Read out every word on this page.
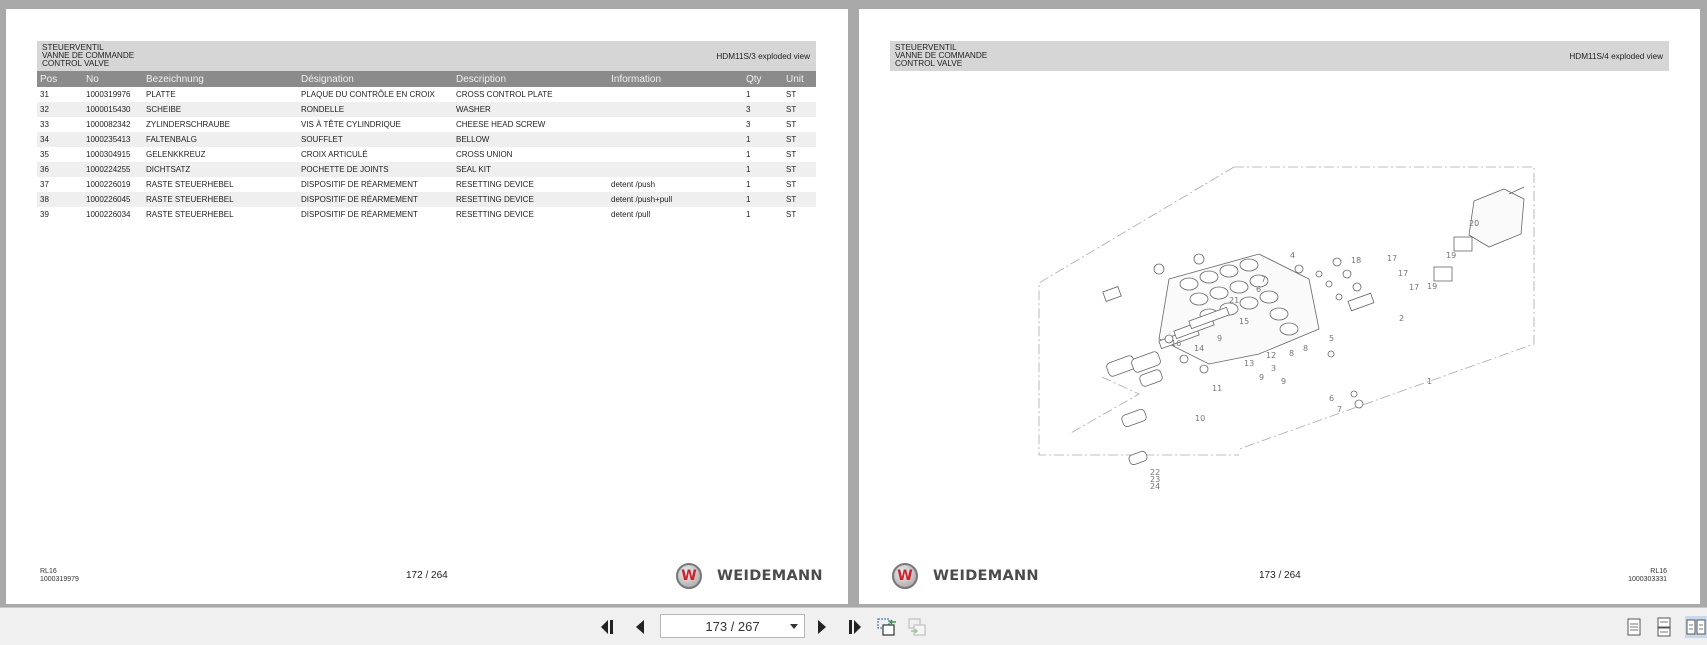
STEUERVENTIL
VANNE DE COMMANDE
CONTROL VALVE
HDM11S/3 exploded view
Pos	No	Bezeichnung	Désignation	Description	Information	Qty	Unit
31	1000319976	PLATTE	PLAQUE DU CONTRÔLE EN CROIX	CROSS CONTROL PLATE		1	ST
32	1000015430	SCHEIBE	RONDELLE	WASHER		3	ST
33	1000082342	ZYLINDERSCHRAUBE	VIS À TÊTE CYLINDRIQUE	CHEESE HEAD SCREW		3	ST
34	1000235413	FALTENBALG	SOUFFLET	BELLOW		1	ST
35	1000304915	GELENKKREUZ	CROIX ARTICULÉ	CROSS UNION		1	ST
36	1000224255	DICHTSATZ	POCHETTE DE JOINTS	SEAL KIT		1	ST
37	1000226019	RASTE STEUERHEBEL	DISPOSITIF DE RÉARMEMENT	RESETTING DEVICE	detent /push	1	ST
38	1000226045	RASTE STEUERHEBEL	DISPOSITIF DE RÉARMEMENT	RESETTING DEVICE	detent /push+pull	1	ST
39	1000226034	RASTE STEUERHEBEL	DISPOSITIF DE RÉARMEMENT	RESETTING DEVICE	detent /pull	1	ST
RL16
1000319979	172 / 264	W WEIDEMANN
STEUERVENTIL
VANNE DE COMMANDE
CONTROL VALVE
HDM11S/4 exploded view
20
19
19
17
17
17
18
4
7
6
21
15	2
16
14
9
13
12
3
8
8
9 9
11
10
5
6
7
1
22
23
24
W WEIDEMANN	173 / 264	RL16
1000303331
173 / 267
